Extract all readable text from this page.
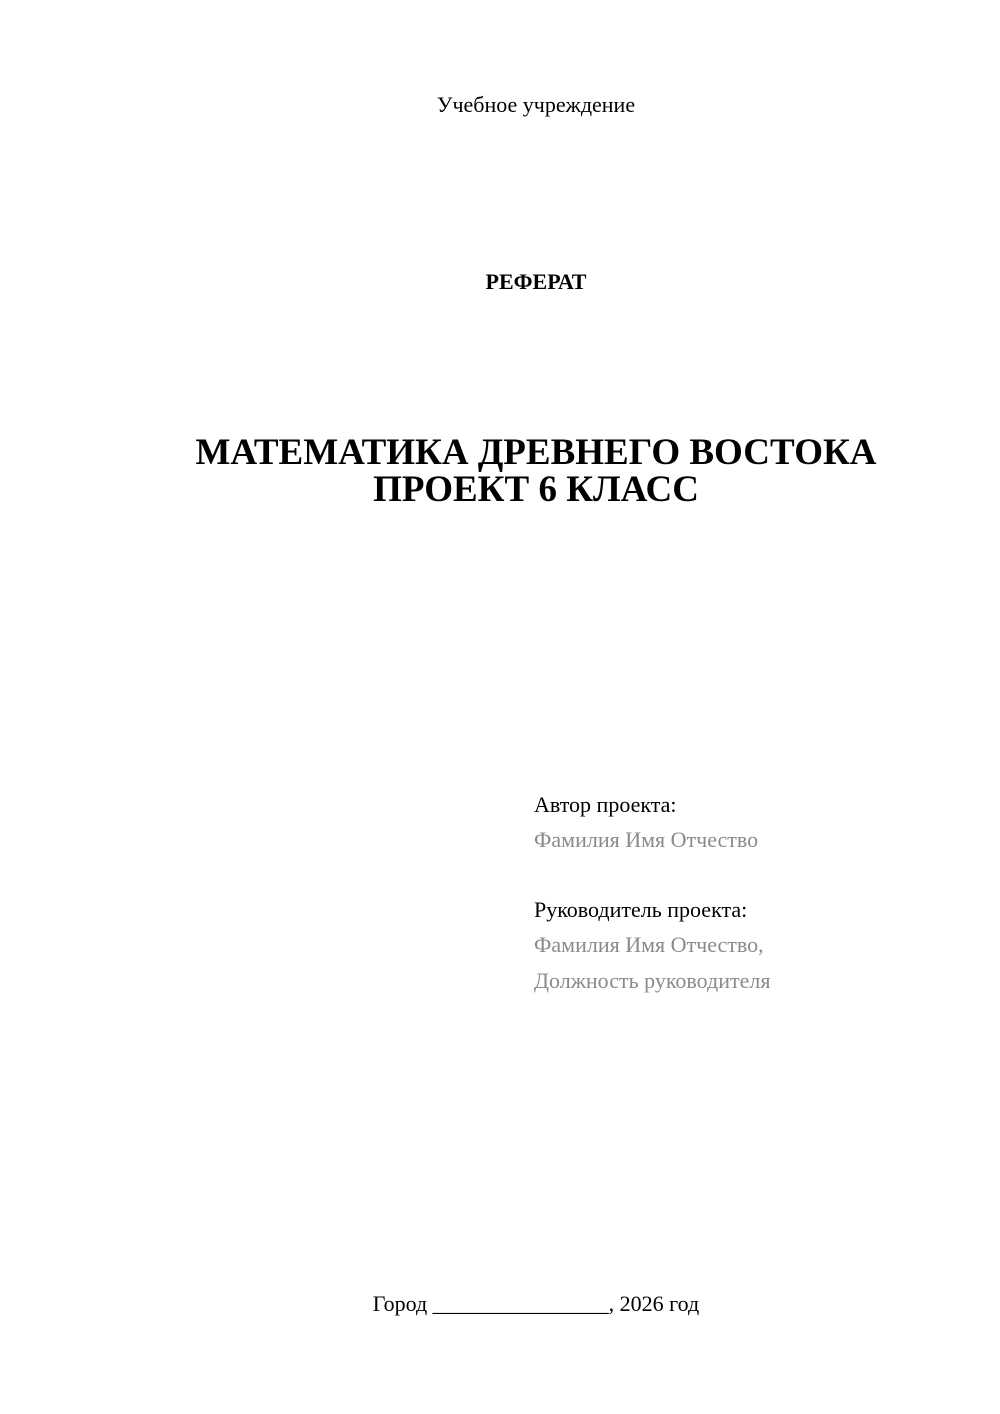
Учебное учреждение
РЕФЕРАТ
МАТЕМАТИКА ДРЕВНЕГО ВОСТОКА
ПРОЕКТ 6 КЛАСС
Автор проекта:
Фамилия Имя Отчество
Руководитель проекта:
Фамилия Имя Отчество,
Должность руководителя
Город ________________, 2026 год
